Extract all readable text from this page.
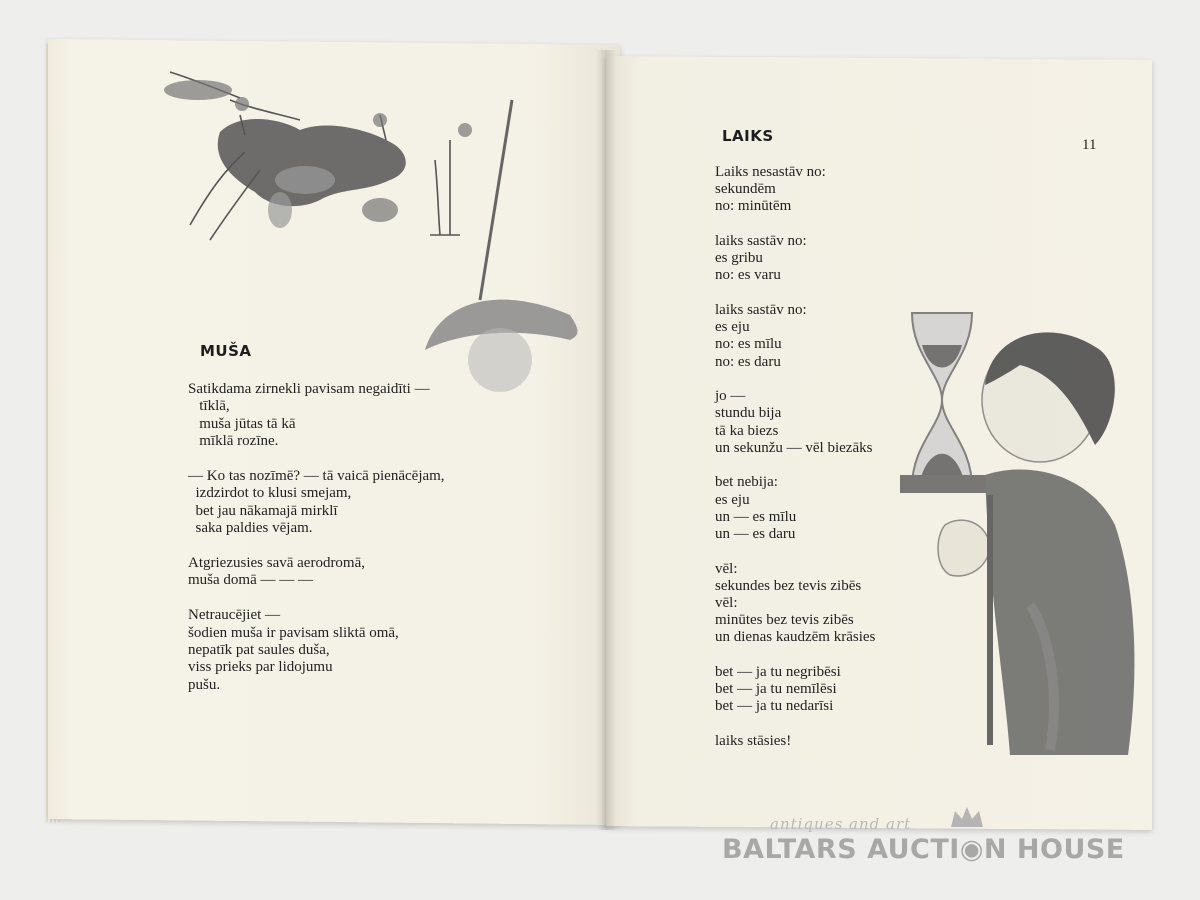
MUŠA
Satikdama zirnekli pavisam negaidīti —
tīklā,
muša jūtas tā kā
mīklā rozīne.
— Ko tas nozīmē? — tā vaicā pienācējam,
izdzirdot to klusi smejam,
bet jau nākamajā mirklī
saka paldies vējam.
Atgriezusies savā aerodromā,
muša domā — — —
Netraucējiet —
šodien muša ir pavisam sliktā omā,
nepatīk pat saules duša,
viss prieks par lidojumu
pušu.
11
LAIKS
Laiks nesastāv no:
sekundēm
no: minūtēm
laiks sastāv no:
es gribu
no: es varu
laiks sastāv no:
es eju
no: es mīlu
no: es daru
jo —
stundu bija
tā ka biezs
un sekunžu — vēl biezāks
bet nebija:
es eju
un — es mīlu
un — es daru
vēl:
sekundes bez tevis zibēs
vēl:
minūtes bez tevis zibēs
un dienas kaudzēm krāsies
bet — ja tu negribēsi
bet — ja tu nemīlēsi
bet — ja tu nedarīsi
laiks stāsies!
antiques and art
BALTARS AUCTI◉N HOUSE
